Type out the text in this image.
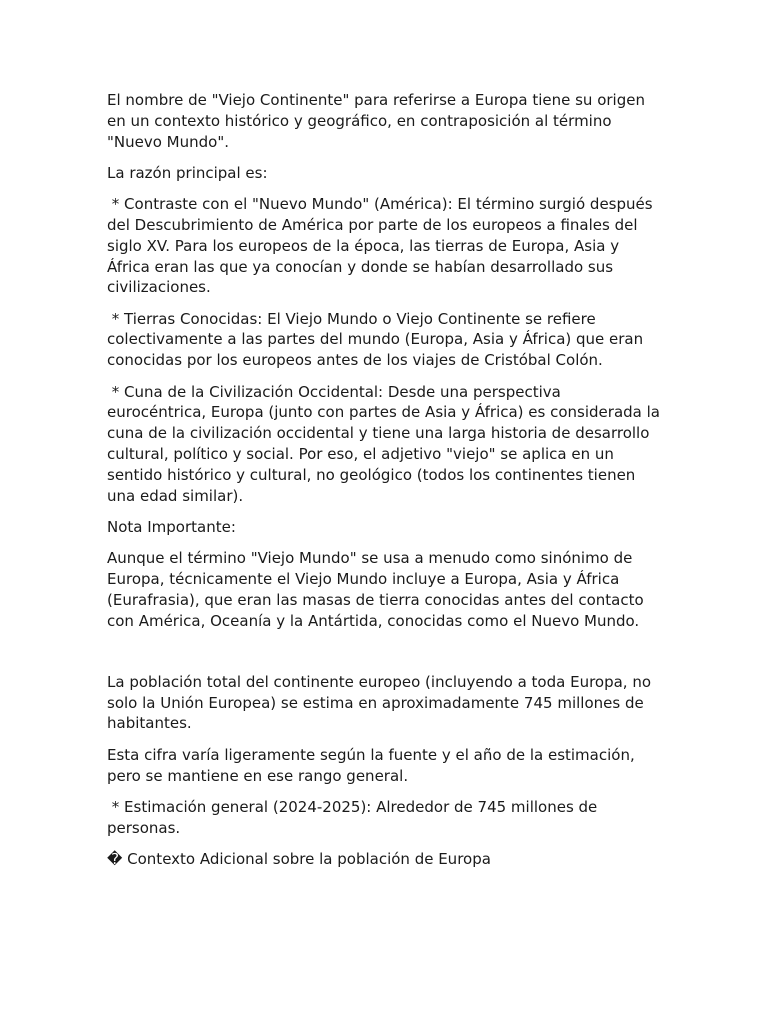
El nombre de "Viejo Continente" para referirse a Europa tiene su origen en un contexto histórico y geográfico, en contraposición al término "Nuevo Mundo".

La razón principal es:

* Contraste con el "Nuevo Mundo" (América): El término surgió después del Descubrimiento de América por parte de los europeos a finales del siglo XV. Para los europeos de la época, las tierras de Europa, Asia y África eran las que ya conocían y donde se habían desarrollado sus civilizaciones.

* Tierras Conocidas: El Viejo Mundo o Viejo Continente se refiere colectivamente a las partes del mundo (Europa, Asia y África) que eran conocidas por los europeos antes de los viajes de Cristóbal Colón.

* Cuna de la Civilización Occidental: Desde una perspectiva eurocéntrica, Europa (junto con partes de Asia y África) es considerada la cuna de la civilización occidental y tiene una larga historia de desarrollo cultural, político y social. Por eso, el adjetivo "viejo" se aplica en un sentido histórico y cultural, no geológico (todos los continentes tienen una edad similar).

Nota Importante:

Aunque el término "Viejo Mundo" se usa a menudo como sinónimo de Europa, técnicamente el Viejo Mundo incluye a Europa, Asia y África (Eurafrasia), que eran las masas de tierra conocidas antes del contacto con América, Oceanía y la Antártida, conocidas como el Nuevo Mundo.

La población total del continente europeo (incluyendo a toda Europa, no solo la Unión Europea) se estima en aproximadamente 745 millones de habitantes.

Esta cifra varía ligeramente según la fuente y el año de la estimación, pero se mantiene en ese rango general.

* Estimación general (2024-2025): Alrededor de 745 millones de personas.

� Contexto Adicional sobre la población de Europa
